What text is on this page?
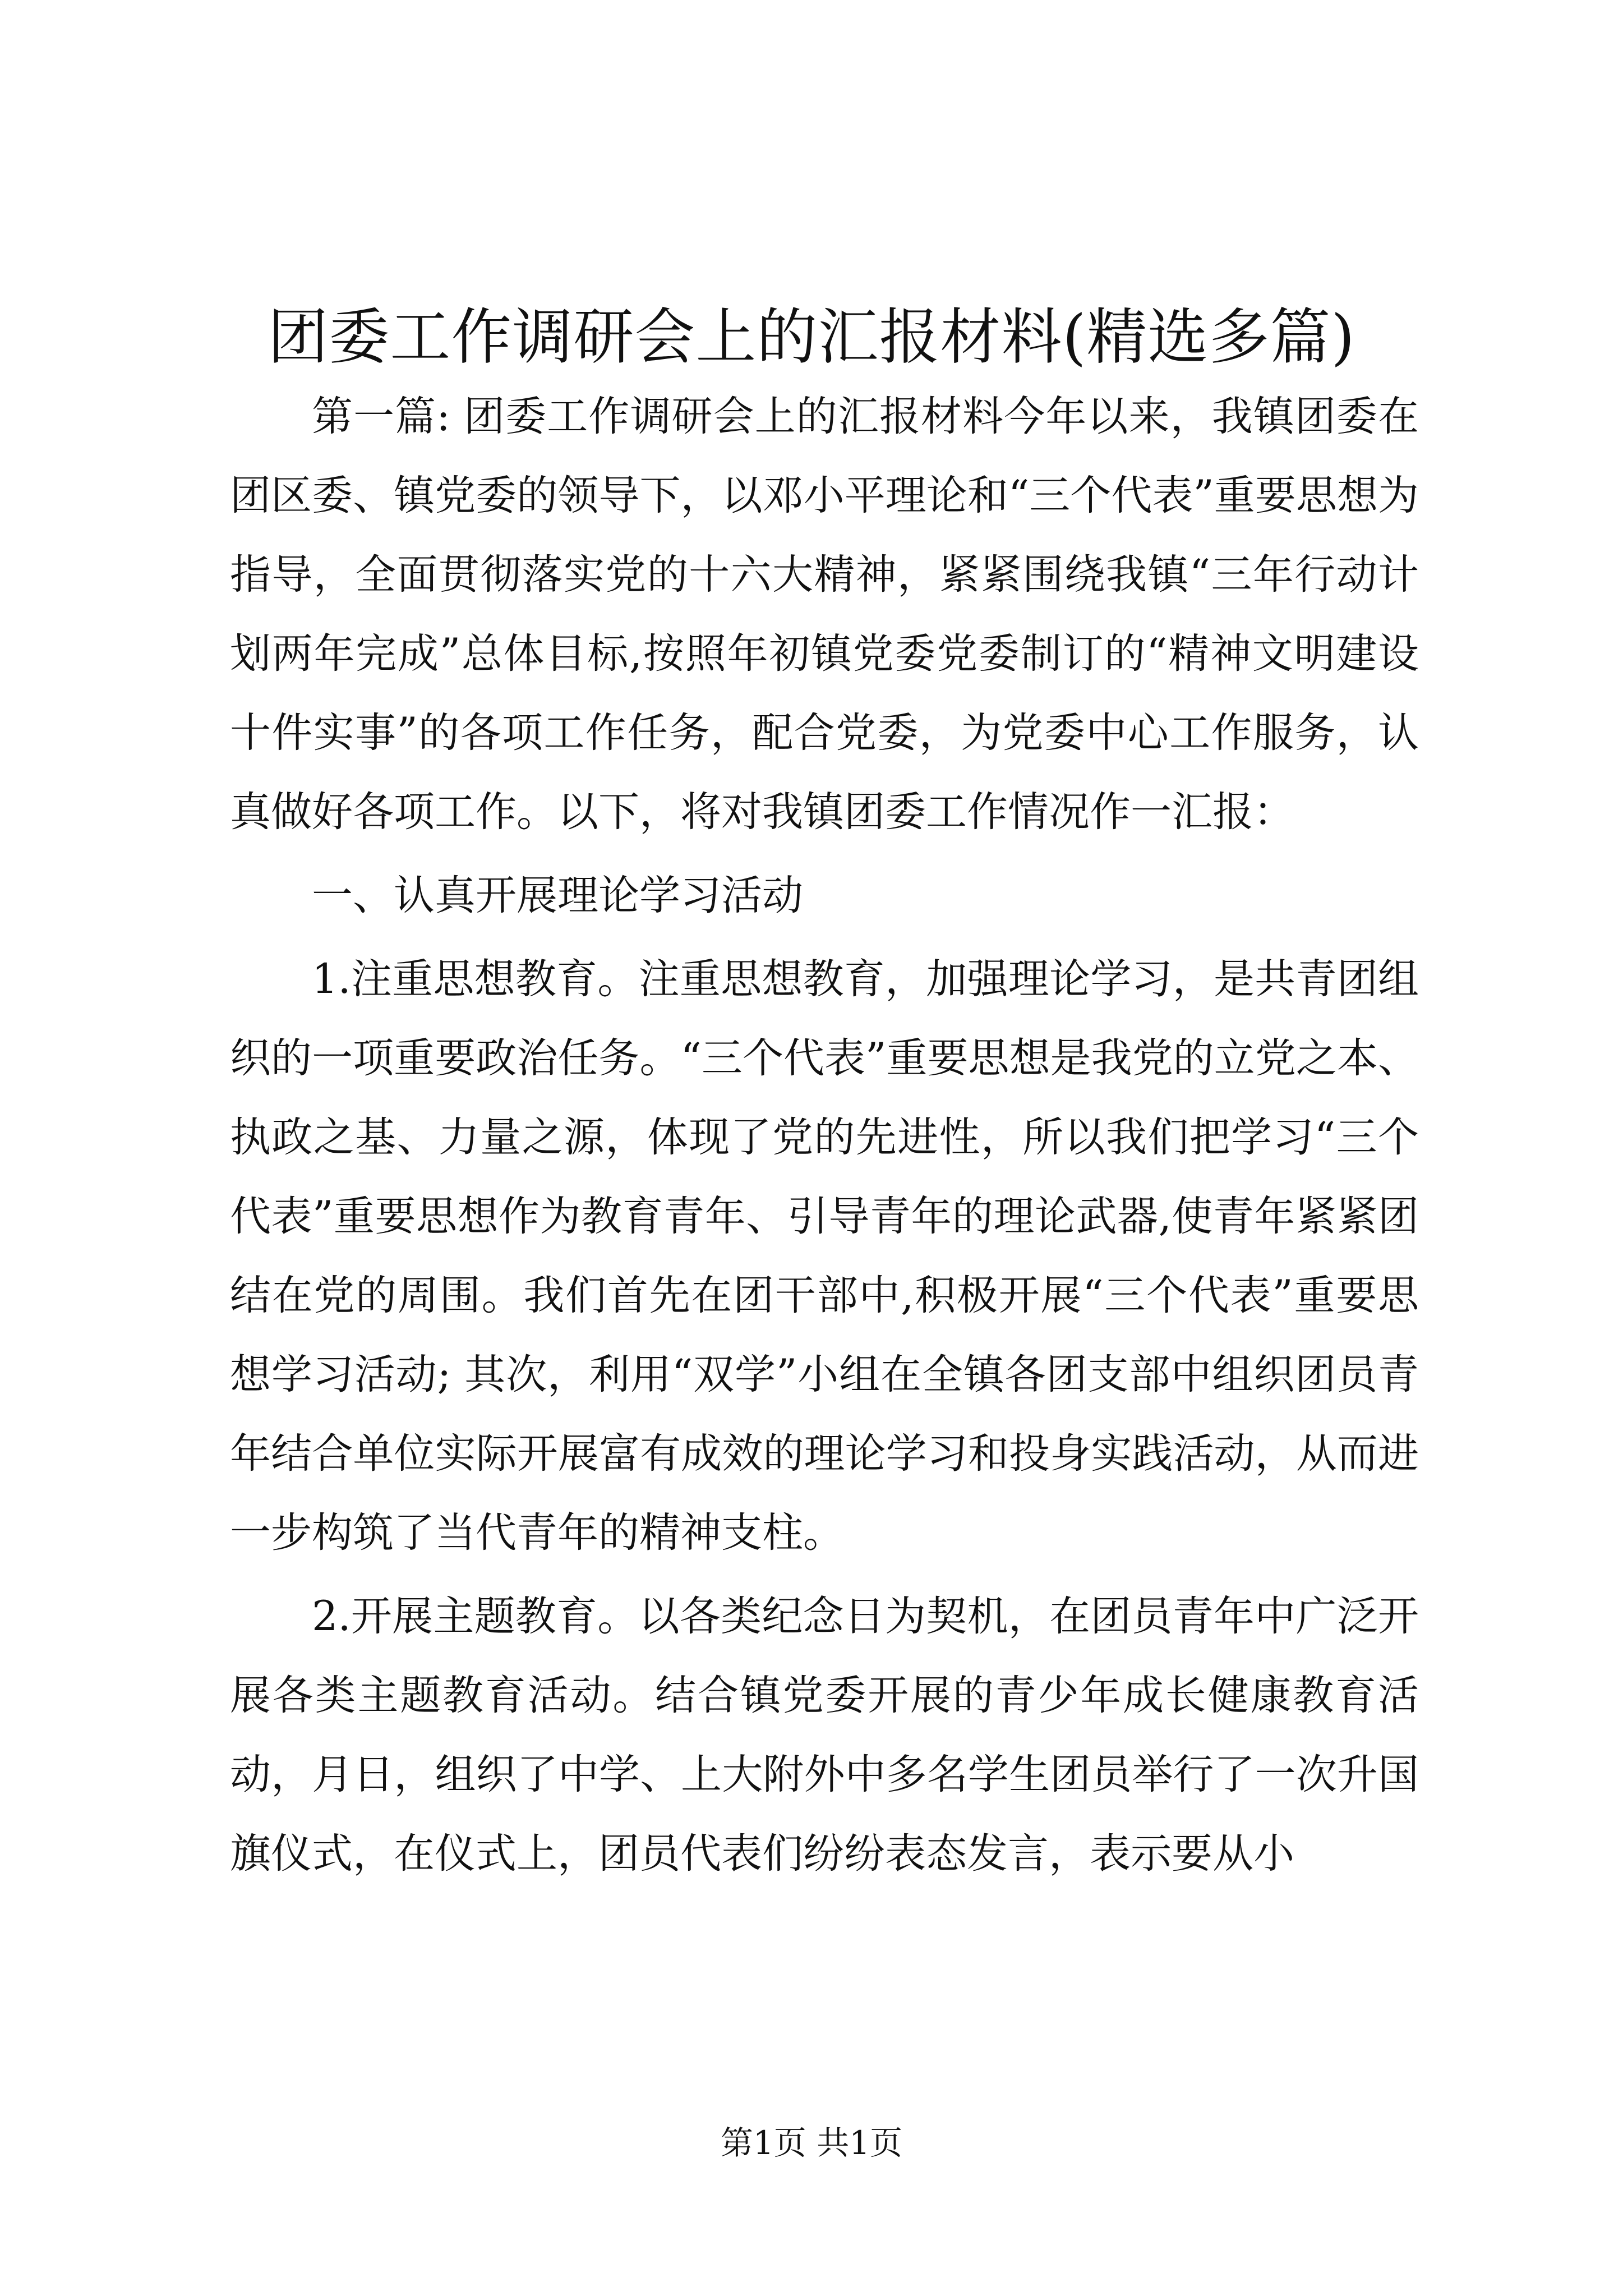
团委工作调研会上的汇报材料(精选多篇)

第一篇: 团委工作调研会上的汇报材料今年以来，我镇团委在团区委、镇党委的领导下，以邓小平理论和“三个代表”重要思想为指导，全面贯彻落实党的十六大精神，紧紧围绕我镇“三年行动计划两年完成”总体目标,按照年初镇党委党委制订的“精神文明建设十件实事”的各项工作任务，配合党委，为党委中心工作服务，认真做好各项工作。以下，将对我镇团委工作情况作一汇报：

一、认真开展理论学习活动

1.注重思想教育。注重思想教育，加强理论学习，是共青团组织的一项重要政治任务。“三个代表”重要思想是我党的立党之本、执政之基、力量之源，体现了党的先进性，所以我们把学习“三个代表”重要思想作为教育青年、引导青年的理论武器,使青年紧紧团结在党的周围。我们首先在团干部中,积极开展“三个代表”重要思想学习活动; 其次，利用“双学”小组在全镇各团支部中组织团员青年结合单位实际开展富有成效的理论学习和投身实践活动，从而进一步构筑了当代青年的精神支柱。

2.开展主题教育。以各类纪念日为契机，在团员青年中广泛开展各类主题教育活动。结合镇党委开展的青少年成长健康教育活动，月日，组织了中学、上大附外中多名学生团员举行了一次升国旗仪式，在仪式上，团员代表们纷纷表态发言，表示要从小

第1页 共1页
